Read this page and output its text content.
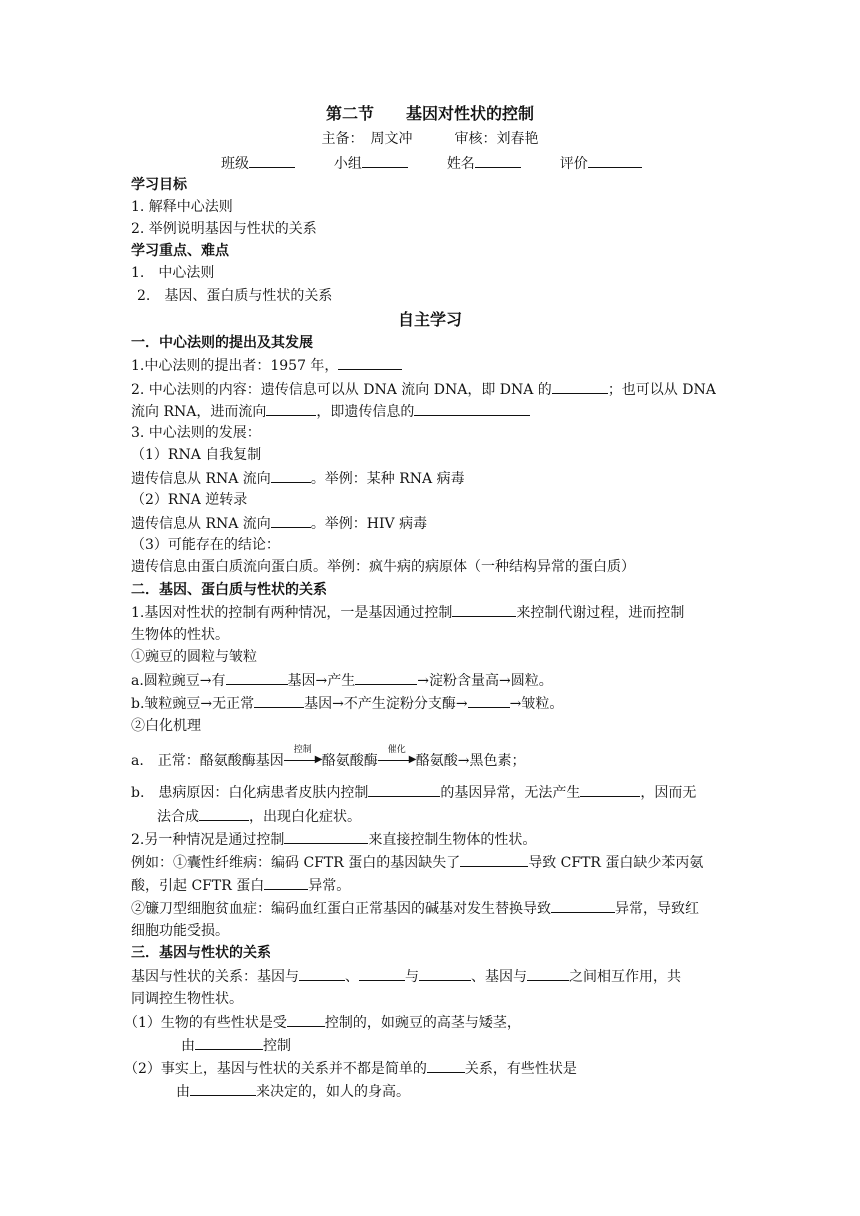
第二节　　基因对性状的控制
主备：　周文冲　　　审核：刘春艳
班级	小组	姓名	评价
学习目标
1. 解释中心法则
2. 举例说明基因与性状的关系
学习重点、难点
1.　中心法则
2.　基因、蛋白质与性状的关系
自主学习
一．中心法则的提出及其发展
1.中心法则的提出者：1957 年，
2. 中心法则的内容：遗传信息可以从 DNA 流向 DNA，即 DNA 的	；也可以从 DNA
流向 RNA，进而流向	，即遗传信息的
3. 中心法则的发展：
（1）RNA 自我复制
遗传信息从 RNA 流向	。举例：某种 RNA 病毒
（2）RNA 逆转录
遗传信息从 RNA 流向	。举例：HIV 病毒
（3）可能存在的结论：
遗传信息由蛋白质流向蛋白质。举例：疯牛病的病原体（一种结构异常的蛋白质）
二．基因、蛋白质与性状的关系
1.基因对性状的控制有两种情况，一是基因通过控制	来控制代谢过程，进而控制
生物体的性状。
①豌豆的圆粒与皱粒
a.圆粒豌豆→有	基因→产生	→淀粉含量高→圆粒。
b.皱粒豌豆→无正常	基因→不产生淀粉分支酶→	→皱粒。
②白化机理
a.　正常：酪氨酸酶基因
控制
▶ 酪氨酸酶
催化
▶ 酪氨酸→黑色素；
b.　患病原因：白化病患者皮肤内控制	的基因异常，无法产生	，因而无
法合成	，出现白化症状。
2.另一种情况是通过控制	来直接控制生物体的性状。
例如：①囊性纤维病：编码 CFTR 蛋白的基因缺失了	导致 CFTR 蛋白缺少苯丙氨
酸，引起 CFTR 蛋白	异常。
②镰刀型细胞贫血症：编码血红蛋白正常基因的碱基对发生替换导致	异常，导致红
细胞功能受损。
三．基因与性状的关系
基因与性状的关系：基因与	、	与	、基因与	之间相互作用，共
同调控生物性状。
（1）生物的有些性状是受	控制的，如豌豆的高茎与矮茎，
由	控制
（2）事实上，基因与性状的关系并不都是简单的	关系，有些性状是
由	来决定的，如人的身高。
